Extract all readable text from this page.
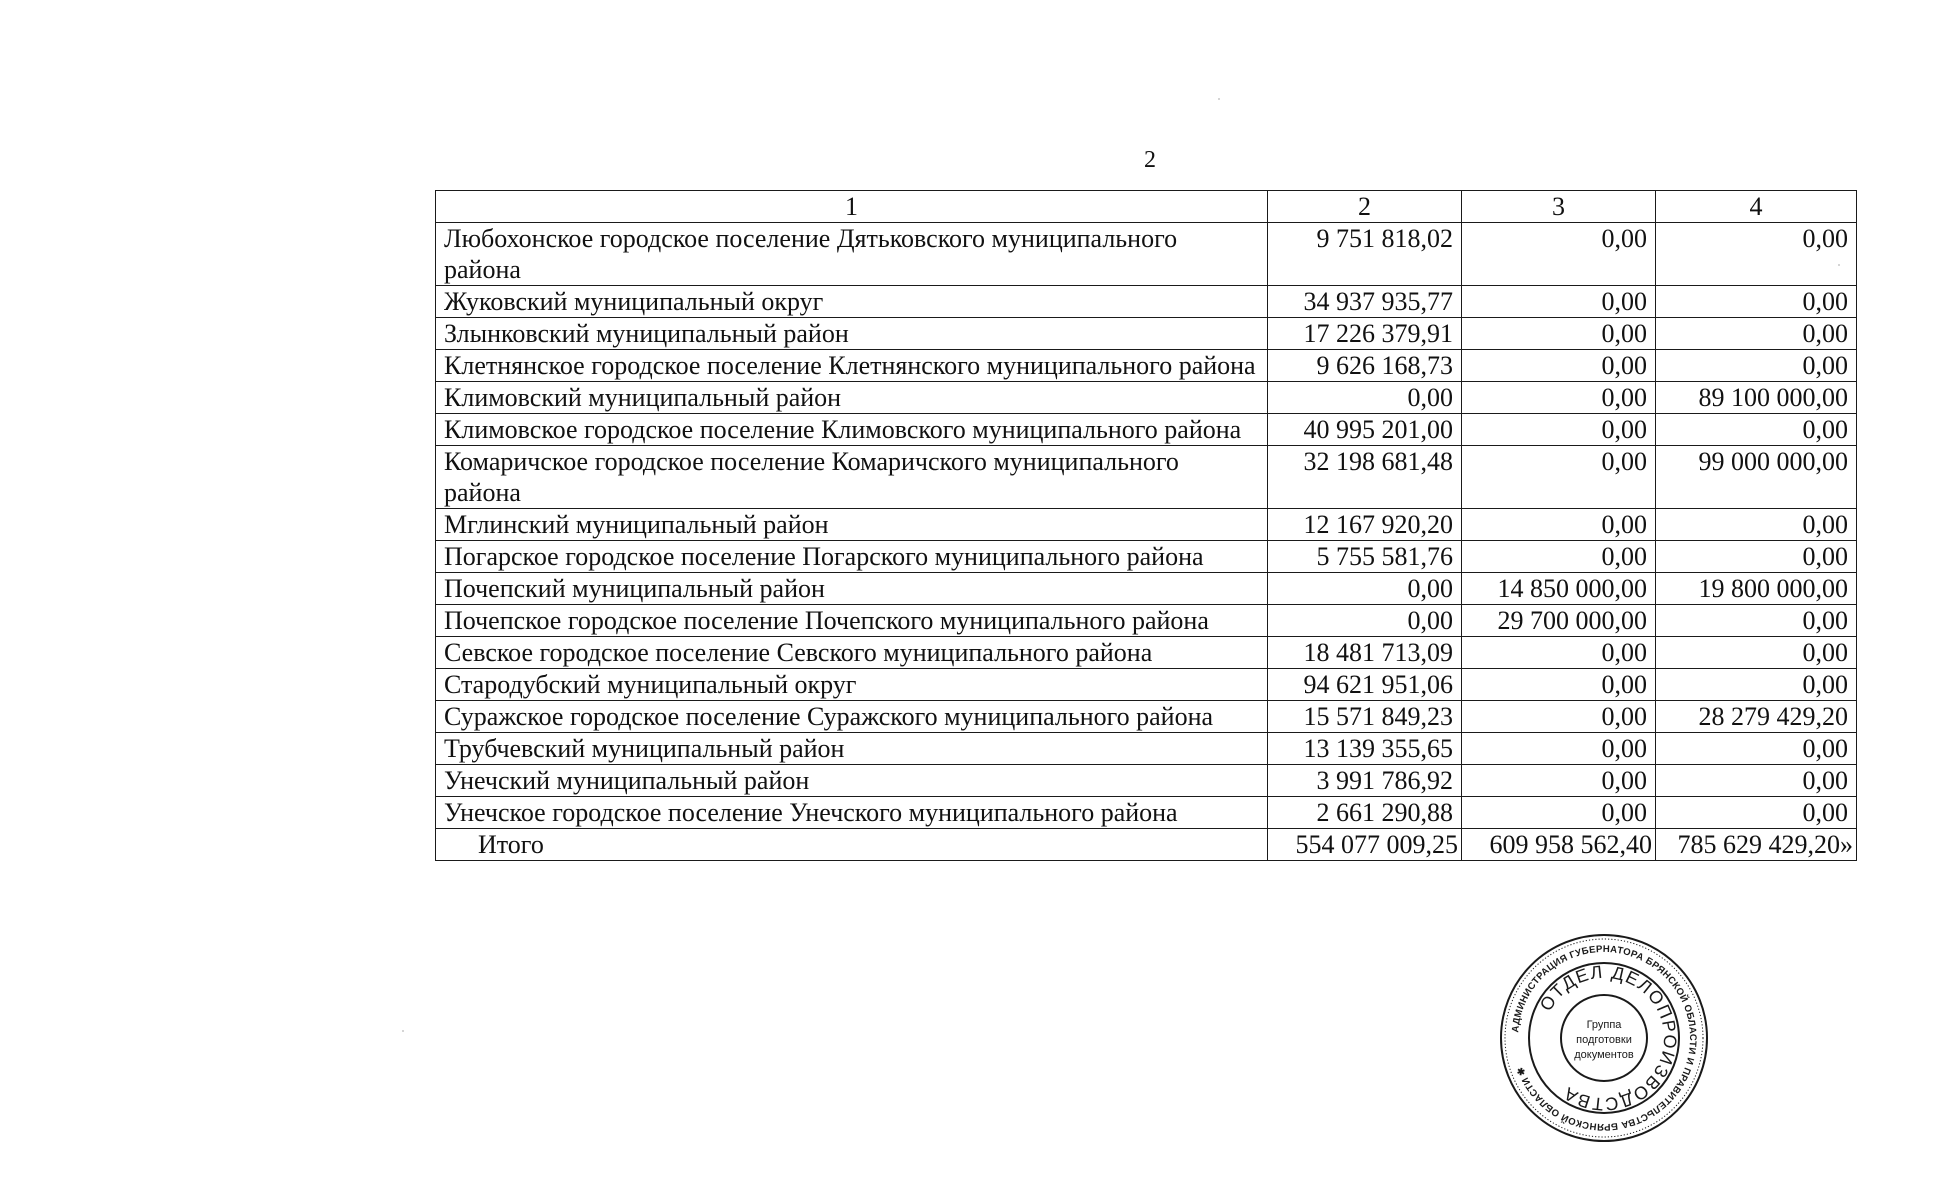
2
1	2	3	4
Любохонское городское поселение Дятьковского муниципального района	9 751 818,02	0,00	0,00
Жуковский муниципальный округ	34 937 935,77	0,00	0,00
Злынковский муниципальный район	17 226 379,91	0,00	0,00
Клетнянское городское поселение Клетнянского муниципального района	9 626 168,73	0,00	0,00
Климовский муниципальный район	0,00	0,00	89 100 000,00
Климовское городское поселение Климовского муниципального района	40 995 201,00	0,00	0,00
Комаричское городское поселение Комаричского муниципального района	32 198 681,48	0,00	99 000 000,00
Мглинский муниципальный район	12 167 920,20	0,00	0,00
Погарское городское поселение Погарского муниципального района	5 755 581,76	0,00	0,00
Почепский муниципальный район	0,00	14 850 000,00	19 800 000,00
Почепское городское поселение Почепского муниципального района	0,00	29 700 000,00	0,00
Севское городское поселение Севского муниципального района	18 481 713,09	0,00	0,00
Стародубский муниципальный округ	94 621 951,06	0,00	0,00
Суражское городское поселение Суражского муниципального района	15 571 849,23	0,00	28 279 429,20
Трубчевский муниципальный район	13 139 355,65	0,00	0,00
Унечский муниципальный район	3 991 786,92	0,00	0,00
Унечское городское поселение Унечского муниципального района	2 661 290,88	0,00	0,00
Итого	554 077 009,25	609 958 562,40	785 629 429,20»
АДМИНИСТРАЦИЯ ГУБЕРНАТОРА БРЯНСКОЙ ОБЛАСТИ И ПРАВИТЕЛЬСТВА БРЯНСКОЙ ОБЛАСТИ ✱
ОТДЕЛ ДЕЛОПРОИЗВОДСТВА
Группа
подготовки
документов
